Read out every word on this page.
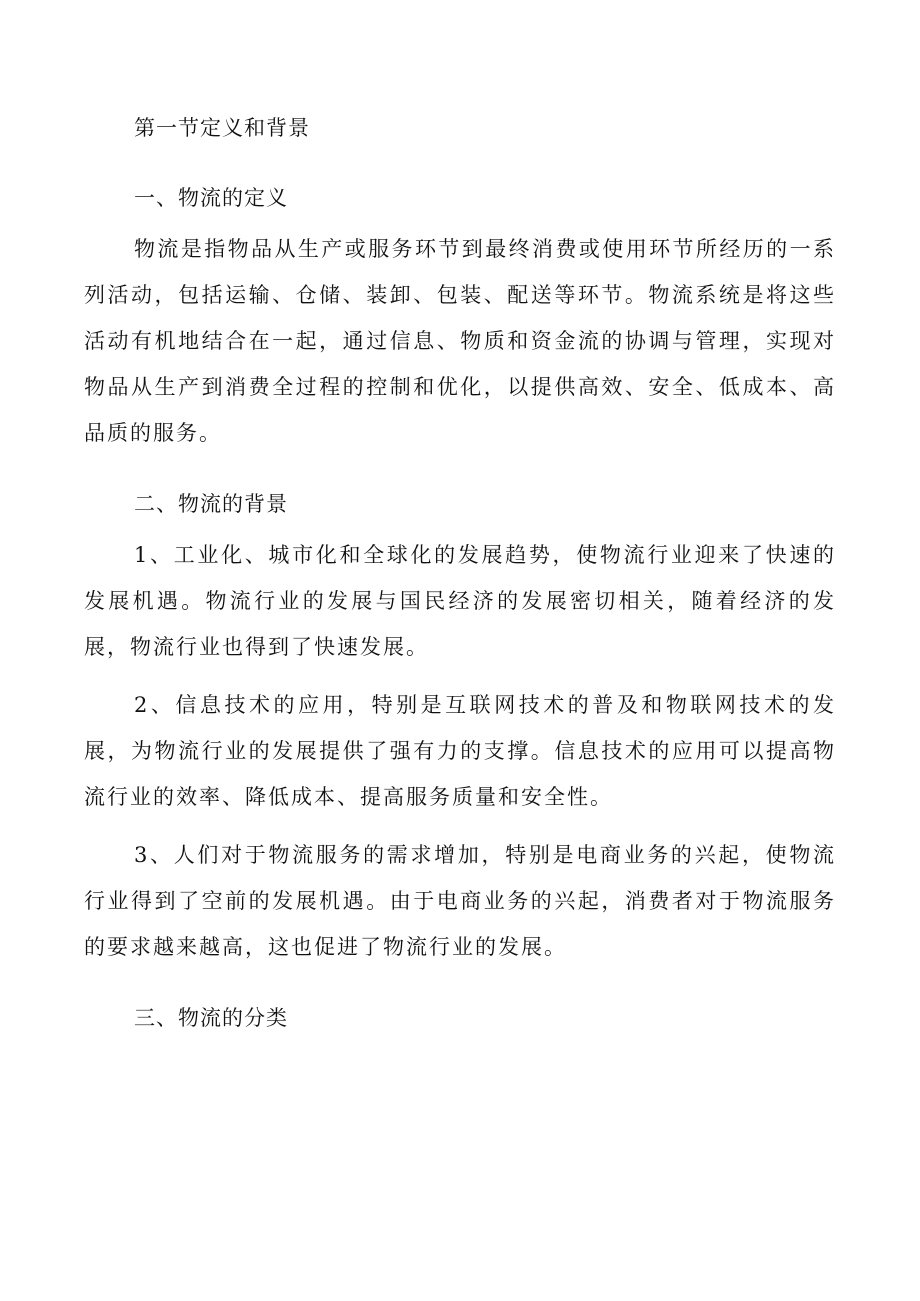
第一节定义和背景
一、物流的定义

物流是指物品从生产或服务环节到最终消费或使用环节所经历的一系列活动，包括运输、仓储、装卸、包装、配送等环节。物流系统是将这些活动有机地结合在一起，通过信息、物质和资金流的协调与管理，实现对物品从生产到消费全过程的控制和优化，以提供高效、安全、低成本、高品质的服务。

二、物流的背景

1、工业化、城市化和全球化的发展趋势，使物流行业迎来了快速的发展机遇。物流行业的发展与国民经济的发展密切相关，随着经济的发展，物流行业也得到了快速发展。

2、信息技术的应用，特别是互联网技术的普及和物联网技术的发展，为物流行业的发展提供了强有力的支撑。信息技术的应用可以提高物流行业的效率、降低成本、提高服务质量和安全性。

3、人们对于物流服务的需求增加，特别是电商业务的兴起，使物流行业得到了空前的发展机遇。由于电商业务的兴起，消费者对于物流服务的要求越来越高，这也促进了物流行业的发展。

三、物流的分类
